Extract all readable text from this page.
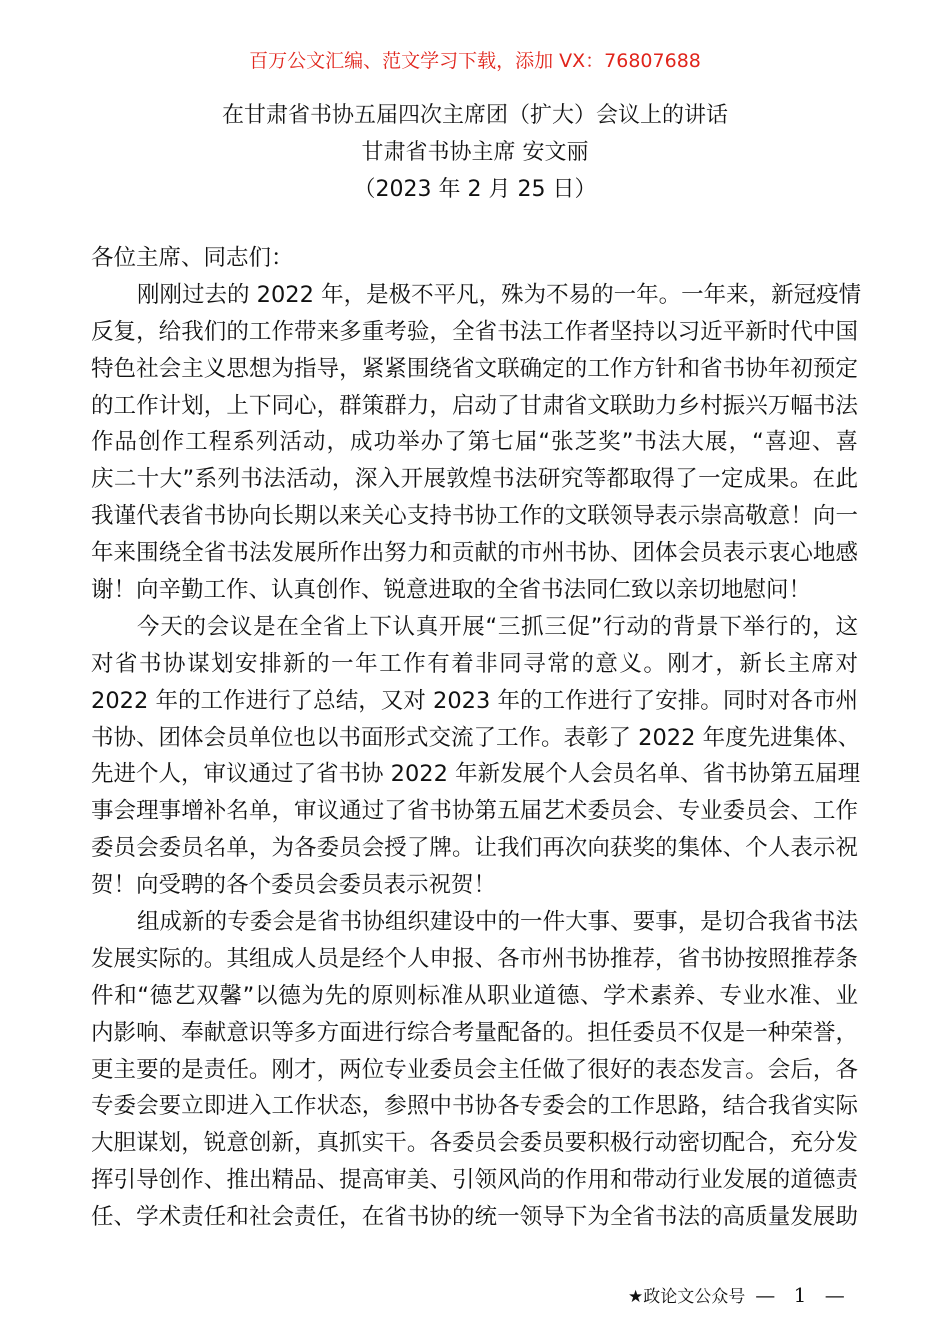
百万公文汇编、范文学习下载，添加 VX：76807688
在甘肃省书协五届四次主席团（扩大）会议上的讲话
甘肃省书协主席 安文丽
（2023 年 2 月 25 日）
各位主席、同志们：
刚刚过去的 2022 年，是极不平凡，殊为不易的一年。一年来，新冠疫情
反复，给我们的工作带来多重考验，全省书法工作者坚持以习近平新时代中国
特色社会主义思想为指导，紧紧围绕省文联确定的工作方针和省书协年初预定
的工作计划，上下同心，群策群力，启动了甘肃省文联助力乡村振兴万幅书法
作品创作工程系列活动，成功举办了第七届“张芝奖”书法大展，“喜迎、喜
庆二十大”系列书法活动，深入开展敦煌书法研究等都取得了一定成果。在此
我谨代表省书协向长期以来关心支持书协工作的文联领导表示崇高敬意！向一
年来围绕全省书法发展所作出努力和贡献的市州书协、团体会员表示衷心地感
谢！向辛勤工作、认真创作、锐意进取的全省书法同仁致以亲切地慰问！
今天的会议是在全省上下认真开展“三抓三促”行动的背景下举行的，这
对省书协谋划安排新的一年工作有着非同寻常的意义。刚才，新长主席对
2022 年的工作进行了总结，又对 2023 年的工作进行了安排。同时对各市州
书协、团体会员单位也以书面形式交流了工作。表彰了 2022 年度先进集体、
先进个人，审议通过了省书协 2022 年新发展个人会员名单、省书协第五届理
事会理事增补名单，审议通过了省书协第五届艺术委员会、专业委员会、工作
委员会委员名单，为各委员会授了牌。让我们再次向获奖的集体、个人表示祝
贺！向受聘的各个委员会委员表示祝贺！
组成新的专委会是省书协组织建设中的一件大事、要事，是切合我省书法
发展实际的。其组成人员是经个人申报、各市州书协推荐，省书协按照推荐条
件和“德艺双馨”以德为先的原则标准从职业道德、学术素养、专业水准、业
内影响、奉献意识等多方面进行综合考量配备的。担任委员不仅是一种荣誉，
更主要的是责任。刚才，两位专业委员会主任做了很好的表态发言。会后，各
专委会要立即进入工作状态，参照中书协各专委会的工作思路，结合我省实际
大胆谋划，锐意创新，真抓实干。各委员会委员要积极行动密切配合，充分发
挥引导创作、推出精品、提高审美、引领风尚的作用和带动行业发展的道德责
任、学术责任和社会责任，在省书协的统一领导下为全省书法的高质量发展助
★政论文公众号 — 1 —
